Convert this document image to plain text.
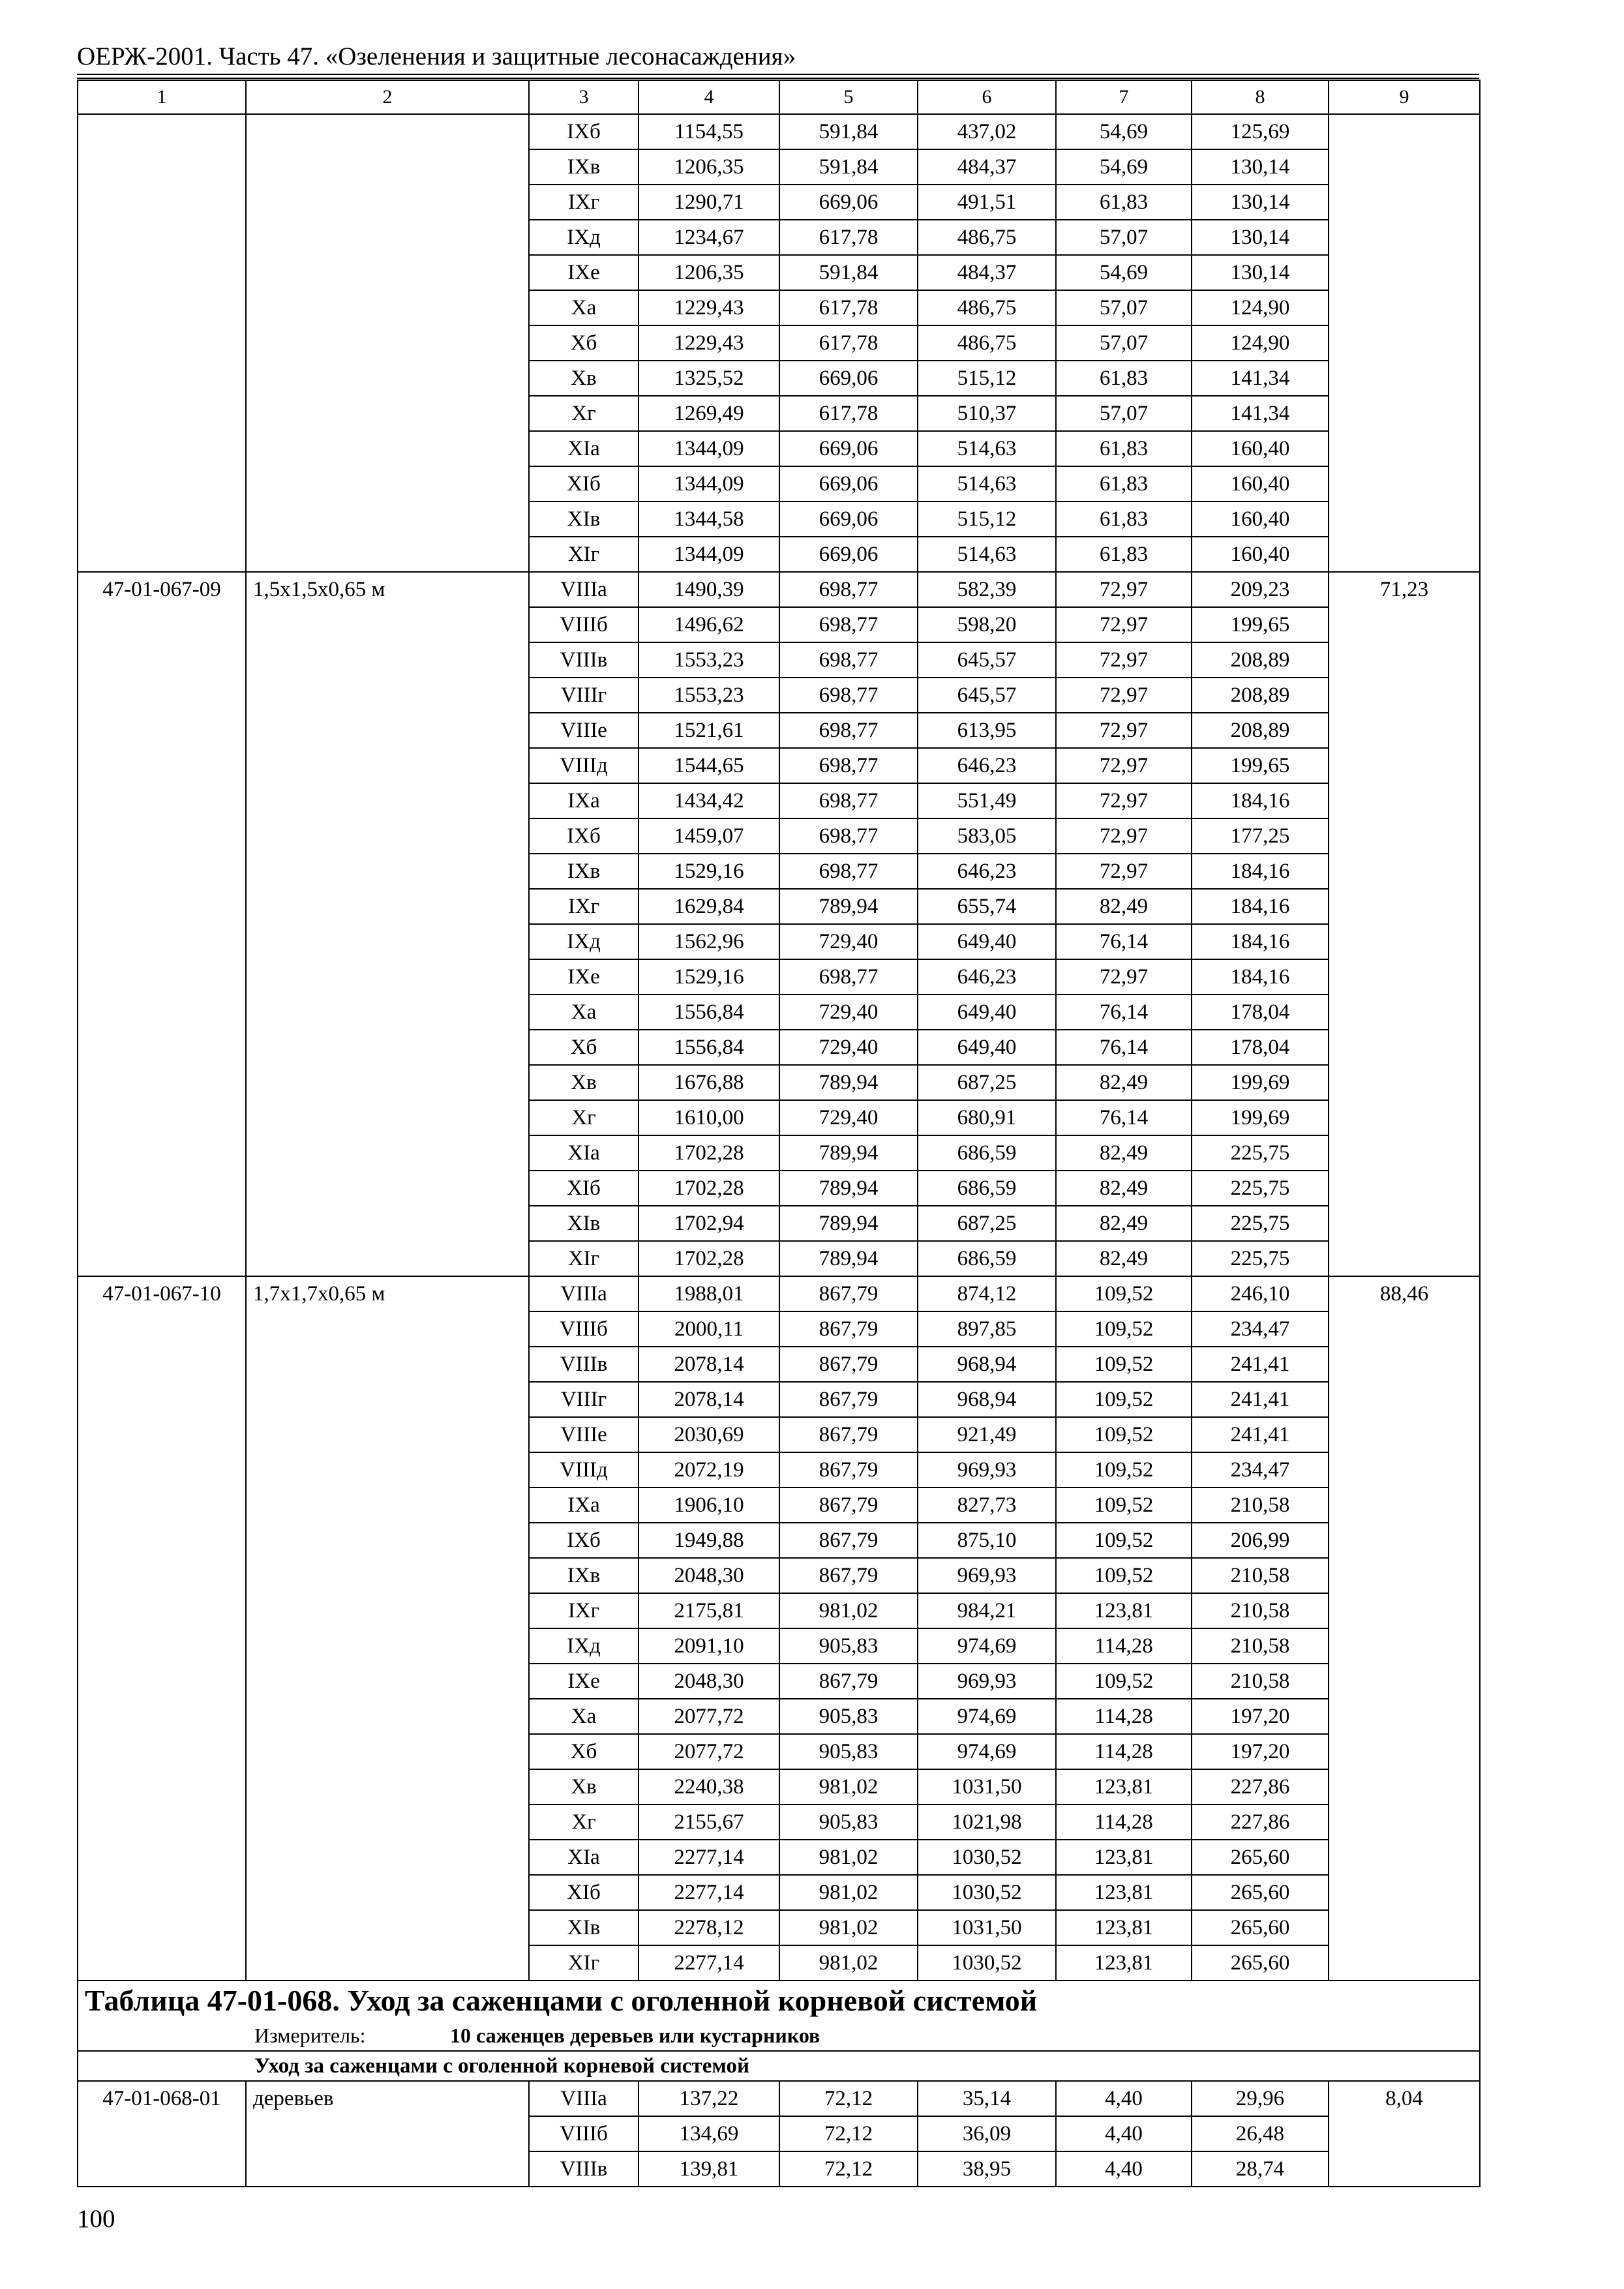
ОЕРЖ-2001. Часть 47. «Озеленения и защитные лесонасаждения»
1	2	3	4	5	6	7	8	9
		IXб	1154,55	591,84	437,02	54,69	125,69	
		IXв	1206,35	591,84	484,37	54,69	130,14	
		IXг	1290,71	669,06	491,51	61,83	130,14	
		IXд	1234,67	617,78	486,75	57,07	130,14	
		IXе	1206,35	591,84	484,37	54,69	130,14	
		Xа	1229,43	617,78	486,75	57,07	124,90	
		Xб	1229,43	617,78	486,75	57,07	124,90	
		Xв	1325,52	669,06	515,12	61,83	141,34	
		Xг	1269,49	617,78	510,37	57,07	141,34	
		XIа	1344,09	669,06	514,63	61,83	160,40	
		XIб	1344,09	669,06	514,63	61,83	160,40	
		XIв	1344,58	669,06	515,12	61,83	160,40	
		XIг	1344,09	669,06	514,63	61,83	160,40	
47-01-067-09	1,5х1,5х0,65 м	VIIIа	1490,39	698,77	582,39	72,97	209,23	71,23
		VIIIб	1496,62	698,77	598,20	72,97	199,65	
		VIIIв	1553,23	698,77	645,57	72,97	208,89	
		VIIIг	1553,23	698,77	645,57	72,97	208,89	
		VIIIе	1521,61	698,77	613,95	72,97	208,89	
		VIIIд	1544,65	698,77	646,23	72,97	199,65	
		IXа	1434,42	698,77	551,49	72,97	184,16	
		IXб	1459,07	698,77	583,05	72,97	177,25	
		IXв	1529,16	698,77	646,23	72,97	184,16	
		IXг	1629,84	789,94	655,74	82,49	184,16	
		IXд	1562,96	729,40	649,40	76,14	184,16	
		IXе	1529,16	698,77	646,23	72,97	184,16	
		Xа	1556,84	729,40	649,40	76,14	178,04	
		Xб	1556,84	729,40	649,40	76,14	178,04	
		Xв	1676,88	789,94	687,25	82,49	199,69	
		Xг	1610,00	729,40	680,91	76,14	199,69	
		XIа	1702,28	789,94	686,59	82,49	225,75	
		XIб	1702,28	789,94	686,59	82,49	225,75	
		XIв	1702,94	789,94	687,25	82,49	225,75	
		XIг	1702,28	789,94	686,59	82,49	225,75	
47-01-067-10	1,7х1,7х0,65 м	VIIIа	1988,01	867,79	874,12	109,52	246,10	88,46
		VIIIб	2000,11	867,79	897,85	109,52	234,47	
		VIIIв	2078,14	867,79	968,94	109,52	241,41	
		VIIIг	2078,14	867,79	968,94	109,52	241,41	
		VIIIе	2030,69	867,79	921,49	109,52	241,41	
		VIIIд	2072,19	867,79	969,93	109,52	234,47	
		IXа	1906,10	867,79	827,73	109,52	210,58	
		IXб	1949,88	867,79	875,10	109,52	206,99	
		IXв	2048,30	867,79	969,93	109,52	210,58	
		IXг	2175,81	981,02	984,21	123,81	210,58	
		IXд	2091,10	905,83	974,69	114,28	210,58	
		IXе	2048,30	867,79	969,93	109,52	210,58	
		Xа	2077,72	905,83	974,69	114,28	197,20	
		Xб	2077,72	905,83	974,69	114,28	197,20	
		Xв	2240,38	981,02	1031,50	123,81	227,86	
		Xг	2155,67	905,83	1021,98	114,28	227,86	
		XIа	2277,14	981,02	1030,52	123,81	265,60	
		XIб	2277,14	981,02	1030,52	123,81	265,60	
		XIв	2278,12	981,02	1031,50	123,81	265,60	
		XIг	2277,14	981,02	1030,52	123,81	265,60	
Таблица 47-01-068. Уход за саженцами с оголенной корневой системой								
Измеритель: 10 саженцев деревьев или кустарников								
Уход за саженцами с оголенной корневой системой								
47-01-068-01	деревьев	VIIIа	137,22	72,12	35,14	4,40	29,96	8,04
		VIIIб	134,69	72,12	36,09	4,40	26,48	
		VIIIв	139,81	72,12	38,95	4,40	28,74	
100
